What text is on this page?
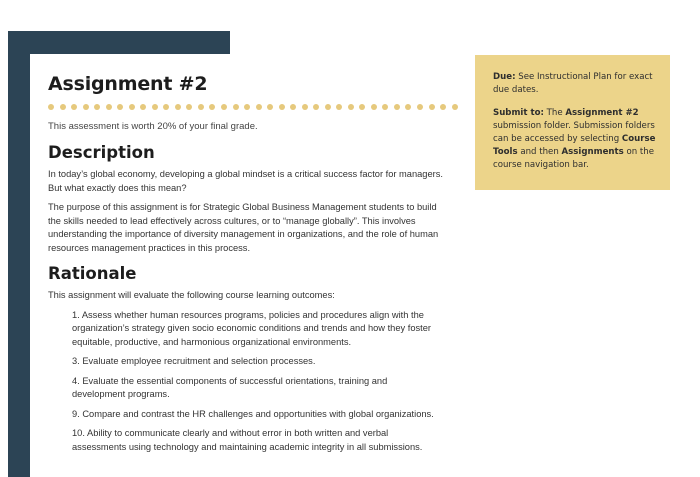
Assignment #2

This assessment is worth 20% of your final grade.

Description

In today’s global economy, developing a global mindset is a critical success factor for managers. But what exactly does this mean?

The purpose of this assignment is for Strategic Global Business Management students to build the skills needed to lead effectively across cultures, or to “manage globally”. This involves understanding the importance of diversity management in organizations, and the role of human resources management practices in this process.

Rationale

This assignment will evaluate the following course learning outcomes:

1. Assess whether human resources programs, policies and procedures align with the organization’s strategy given socio economic conditions and trends and how they foster equitable, productive, and harmonious organizational environments.
3. Evaluate employee recruitment and selection processes.
4. Evaluate the essential components of successful orientations, training and development programs.
9. Compare and contrast the HR challenges and opportunities with global organizations.
10. Ability to communicate clearly and without error in both written and verbal assessments using technology and maintaining academic integrity in all submissions.

Due: See Instructional Plan for exact due dates.

Submit to: The Assignment #2 submission folder. Submission folders can be accessed by selecting Course Tools and then Assignments on the course navigation bar.
